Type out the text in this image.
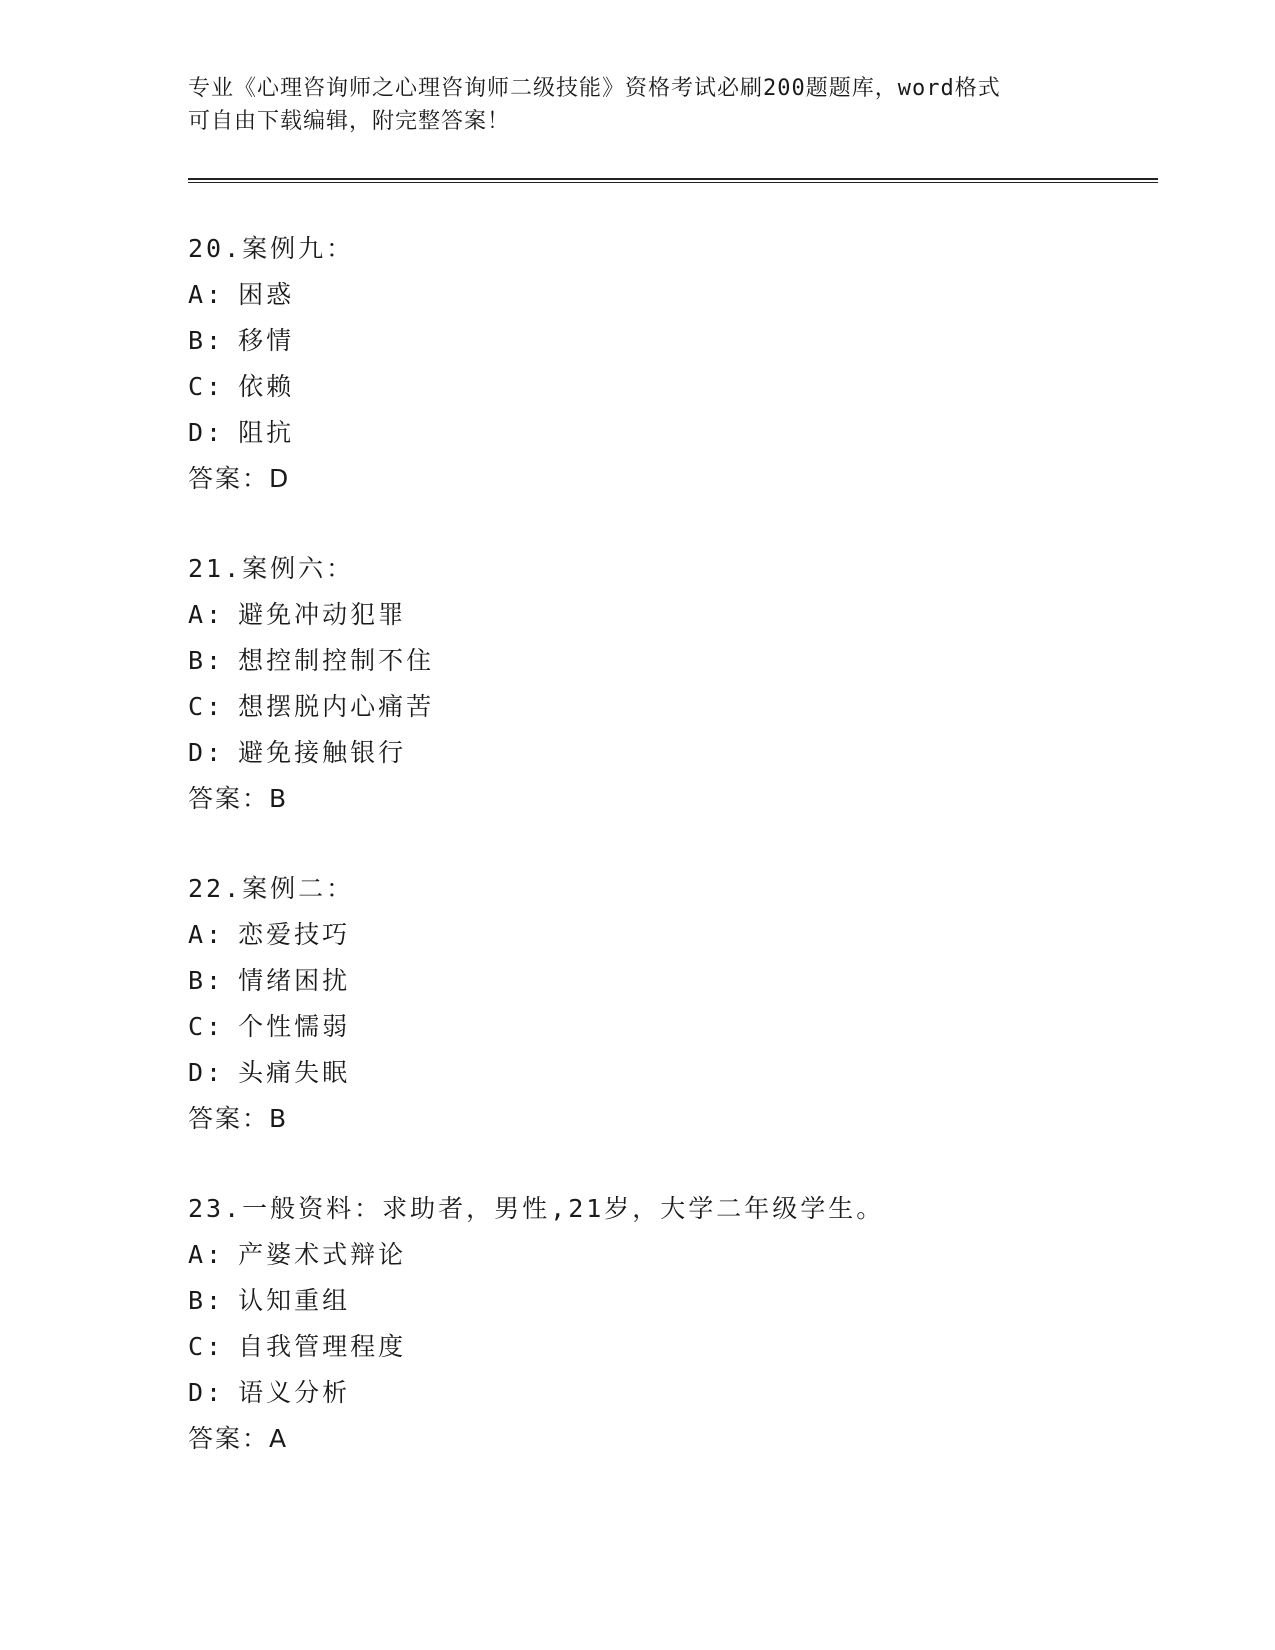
专业《心理咨询师之心理咨询师二级技能》资格考试必刷200题题库，word格式
可自由下载编辑，附完整答案！
20.案例九：
A: 困惑
B: 移情
C: 依赖
D: 阻抗
答案：D
21.案例六：
A: 避免冲动犯罪
B: 想控制控制不住
C: 想摆脱内心痛苦
D: 避免接触银行
答案：B
22.案例二：
A: 恋爱技巧
B: 情绪困扰
C: 个性懦弱
D: 头痛失眠
答案：B
23.一般资料：求助者，男性,21岁，大学二年级学生。
A: 产婆术式辩论
B: 认知重组
C: 自我管理程度
D: 语义分析
答案：A
